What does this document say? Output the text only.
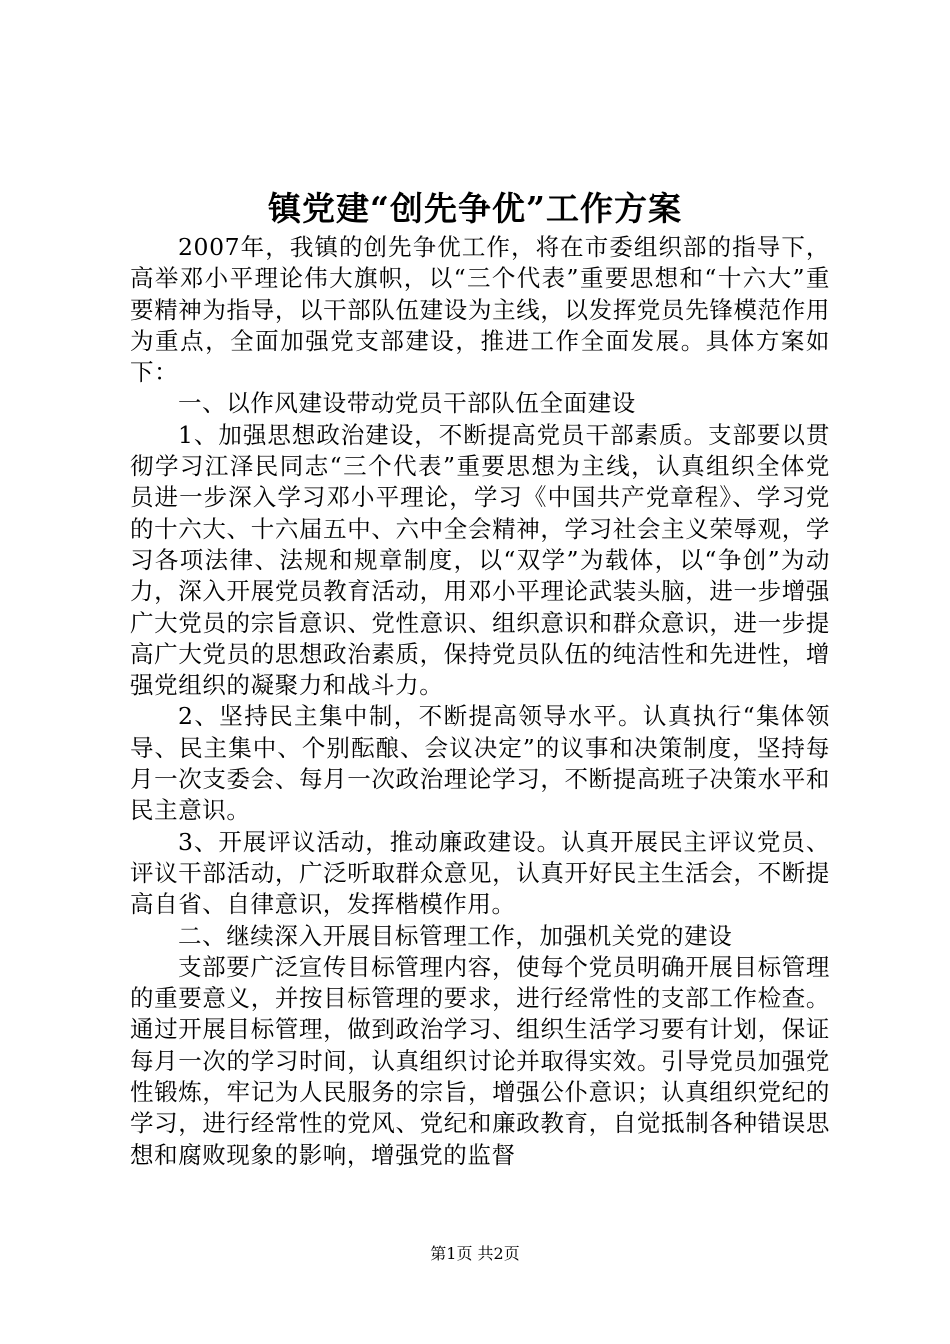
镇党建“创先争优”工作方案

2007年，我镇的创先争优工作，将在市委组织部的指导下，高举邓小平理论伟大旗帜，以“三个代表”重要思想和“十六大”重要精神为指导，以干部队伍建设为主线，以发挥党员先锋模范作用为重点，全面加强党支部建设，推进工作全面发展。具体方案如下：

一、以作风建设带动党员干部队伍全面建设

1、加强思想政治建设，不断提高党员干部素质。支部要以贯彻学习江泽民同志“三个代表”重要思想为主线，认真组织全体党员进一步深入学习邓小平理论，学习《中国共产党章程》、学习党的十六大、十六届五中、六中全会精神，学习社会主义荣辱观，学习各项法律、法规和规章制度，以“双学”为载体，以“争创”为动力，深入开展党员教育活动，用邓小平理论武装头脑，进一步增强广大党员的宗旨意识、党性意识、组织意识和群众意识，进一步提高广大党员的思想政治素质，保持党员队伍的纯洁性和先进性，增强党组织的凝聚力和战斗力。

2、坚持民主集中制，不断提高领导水平。认真执行“集体领导、民主集中、个别酝酿、会议决定”的议事和决策制度，坚持每月一次支委会、每月一次政治理论学习，不断提高班子决策水平和民主意识。

3、开展评议活动，推动廉政建设。认真开展民主评议党员、评议干部活动，广泛听取群众意见，认真开好民主生活会，不断提高自省、自律意识，发挥楷模作用。

二、继续深入开展目标管理工作，加强机关党的建设

支部要广泛宣传目标管理内容，使每个党员明确开展目标管理的重要意义，并按目标管理的要求，进行经常性的支部工作检查。通过开展目标管理，做到政治学习、组织生活学习要有计划，保证每月一次的学习时间，认真组织讨论并取得实效。引导党员加强党性锻炼，牢记为人民服务的宗旨，增强公仆意识；认真组织党纪的学习，进行经常性的党风、党纪和廉政教育，自觉抵制各种错误思想和腐败现象的影响，增强党的监督

第1页 共2页
